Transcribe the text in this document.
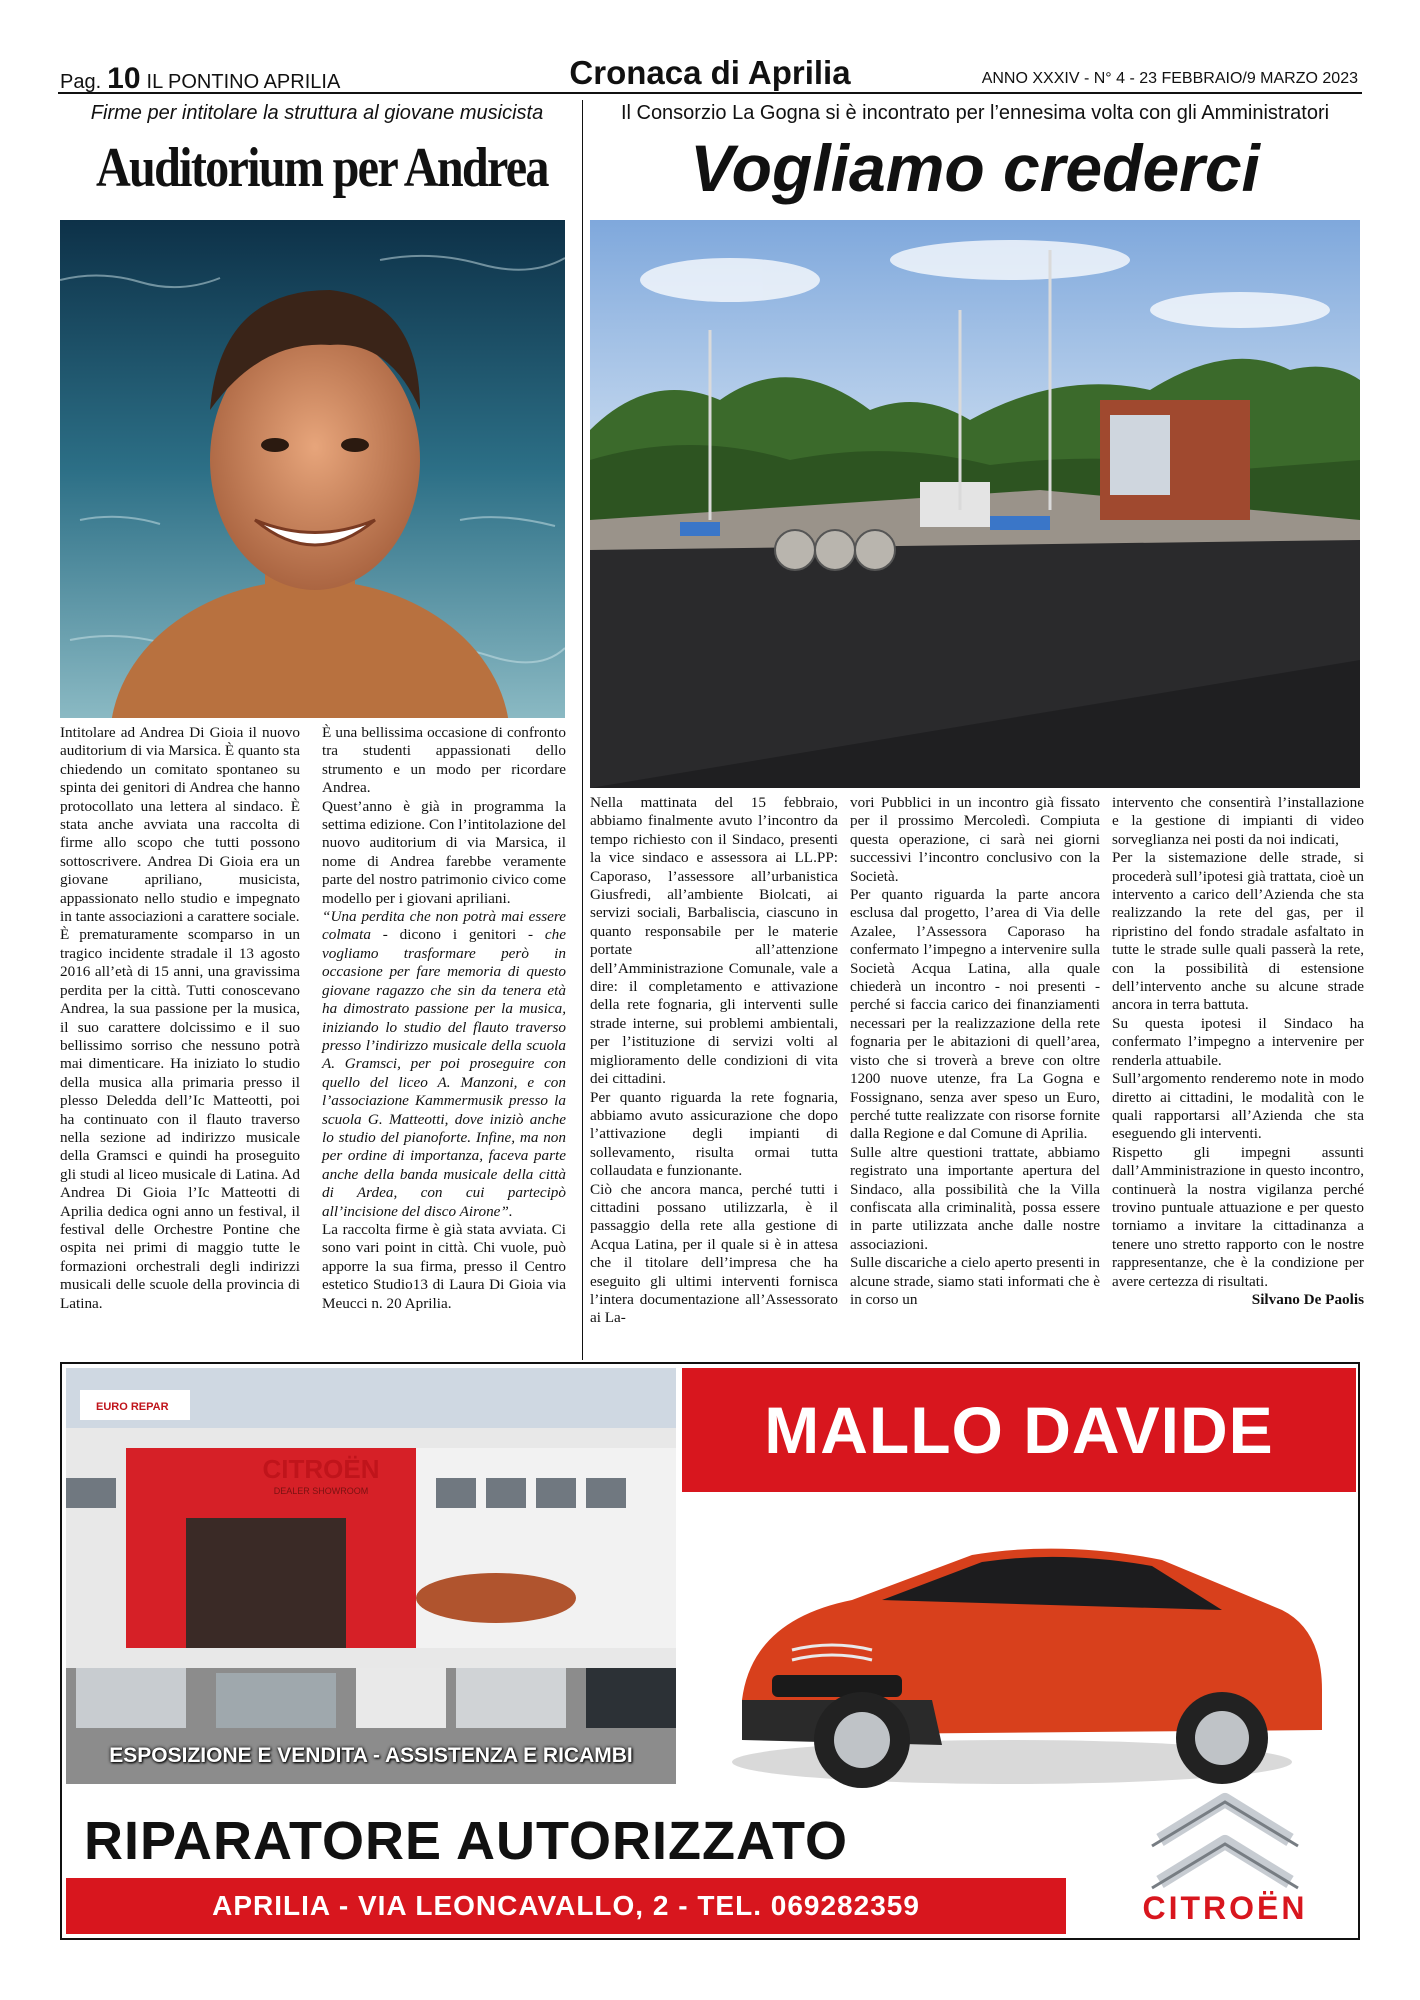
Pag. 10 IL PONTINO APRILIA	Cronaca di Aprilia	ANNO XXXIV - N° 4 - 23 FEBBRAIO/9 MARZO 2023
Firme per intitolare la struttura al giovane musicista
Auditorium per Andrea

Intitolare ad Andrea Di Gioia il nuovo auditorium di via Marsica. È quanto sta chiedendo un comitato spontaneo su spinta dei genitori di Andrea che hanno protocollato una lettera al sindaco. È stata anche avviata una raccolta di firme allo scopo che tutti possono sottoscrivere. Andrea Di Gioia era un giovane apriliano, musicista, appassionato nello studio e impegnato in tante associazioni a carattere sociale.

È prematuramente scomparso in un tragico incidente stradale il 13 agosto 2016 all’età di 15 anni, una gravissima perdita per la città. Tutti conoscevano Andrea, la sua passione per la musica, il suo carattere dolcissimo e il suo bellissimo sorriso che nessuno potrà mai dimenticare. Ha iniziato lo studio della musica alla primaria presso il plesso Deledda dell’Ic Matteotti, poi ha continuato con il flauto traverso nella sezione ad indirizzo musicale della Gramsci e quindi ha proseguito gli studi al liceo musicale di Latina. Ad Andrea Di Gioia l’Ic Matteotti di Aprilia dedica ogni anno un festival, il festival delle Orchestre Pontine che ospita nei primi di maggio tutte le formazioni orchestrali degli indirizzi musicali delle scuole della provincia di Latina.

È una bellissima occasione di confronto tra studenti appassionati dello strumento e un modo per ricordare Andrea.

Quest’anno è già in programma la settima edizione. Con l’intitolazione del nuovo auditorium di via Marsica, il nome di Andrea farebbe veramente parte del nostro patrimonio civico come modello per i giovani apriliani.

“Una perdita che non potrà mai essere colmata - dicono i genitori - che vogliamo trasformare però in occasione per fare memoria di questo giovane ragazzo che sin da tenera età ha dimostrato passione per la musica, iniziando lo studio del flauto traverso presso l’indirizzo musicale della scuola A. Gramsci, per poi proseguire con quello del liceo A. Manzoni, e con l’associazione Kammermusik presso la scuola G. Matteotti, dove iniziò anche lo studio del pianoforte. Infine, ma non per ordine di importanza, faceva parte anche della banda musicale della città di Ardea, con cui partecipò all’incisione del disco Airone”.

La raccolta firme è già stata avviata. Ci sono vari point in città. Chi vuole, può apporre la sua firma, presso il Centro estetico Studio13 di Laura Di Gioia via Meucci n. 20 Aprilia.

Il Consorzio La Gogna si è incontrato per l’ennesima volta con gli Amministratori
Vogliamo crederci

Nella mattinata del 15 febbraio, abbiamo finalmente avuto l’incontro da tempo richiesto con il Sindaco, presenti la vice sindaco e assessora ai LL.PP: Caporaso, l’assessore all’urbanistica Giusfredi, all’ambiente Biolcati, ai servizi sociali, Barbaliscia, ciascuno in quanto responsabile per le materie portate all’attenzione dell’Amministrazione Comunale, vale a dire: il completamento e attivazione della rete fognaria, gli interventi sulle strade interne, sui problemi ambientali, per l’istituzione di servizi volti al miglioramento delle condizioni di vita dei cittadini.

Per quanto riguarda la rete fognaria, abbiamo avuto assicurazione che dopo l’attivazione degli impianti di sollevamento, risulta ormai tutta collaudata e funzionante.

Ciò che ancora manca, perché tutti i cittadini possano utilizzarla, è il passaggio della rete alla gestione di Acqua Latina, per il quale si è in attesa che il titolare dell’impresa che ha eseguito gli ultimi interventi fornisca l’intera documentazione all’Assessorato ai La-

vori Pubblici in un incontro già fissato per il prossimo Mercoledì. Compiuta questa operazione, ci sarà nei giorni successivi l’incontro conclusivo con la Società.

Per quanto riguarda la parte ancora esclusa dal progetto, l’area di Via delle Azalee, l’Assessora Caporaso ha confermato l’impegno a intervenire sulla Società Acqua Latina, alla quale chiederà un incontro - noi presenti - perché si faccia carico dei finanziamenti necessari per la realizzazione della rete fognaria per le abitazioni di quell’area, visto che si troverà a breve con oltre 1200 nuove utenze, fra La Gogna e Fossignano, senza aver speso un Euro, perché tutte realizzate con risorse fornite dalla Regione e dal Comune di Aprilia.

Sulle altre questioni trattate, abbiamo registrato una importante apertura del Sindaco, alla possibilità che la Villa confiscata alla criminalità, possa essere in parte utilizzata anche dalle nostre associazioni.

Sulle discariche a cielo aperto presenti in alcune strade, siamo stati informati che è in corso un

intervento che consentirà l’installazione e la gestione di impianti di video sorveglianza nei posti da noi indicati,

Per la sistemazione delle strade, si procederà sull’ipotesi già trattata, cioè un intervento a carico dell’Azienda che sta realizzando la rete del gas, per il ripristino del fondo stradale asfaltato in tutte le strade sulle quali passerà la rete, con la possibilità di estensione dell’intervento anche su alcune strade ancora in terra battuta.

Su questa ipotesi il Sindaco ha confermato l’impegno a intervenire per renderla attuabile.

Sull’argomento renderemo note in modo diretto ai cittadini, le modalità con le quali rapportarsi all’Azienda che sta eseguendo gli interventi.

Rispetto gli impegni assunti dall’Amministrazione in questo incontro, continuerà la nostra vigilanza perché trovino puntuale attuazione e per questo torniamo a invitare la cittadinanza a tenere uno stretto rapporto con le nostre rappresentanze, che è la condizione per avere certezza di risultati.

Silvano De Paolis

CITROËN
DEALER SHOWROOM
EURO REPAR
ESPOSIZIONE E VENDITA - ASSISTENZA E RICAMBI
MALLO DAVIDE
RIPARATORE AUTORIZZATO
APRILIA - VIA LEONCAVALLO, 2 - TEL. 069282359	CITROËN
